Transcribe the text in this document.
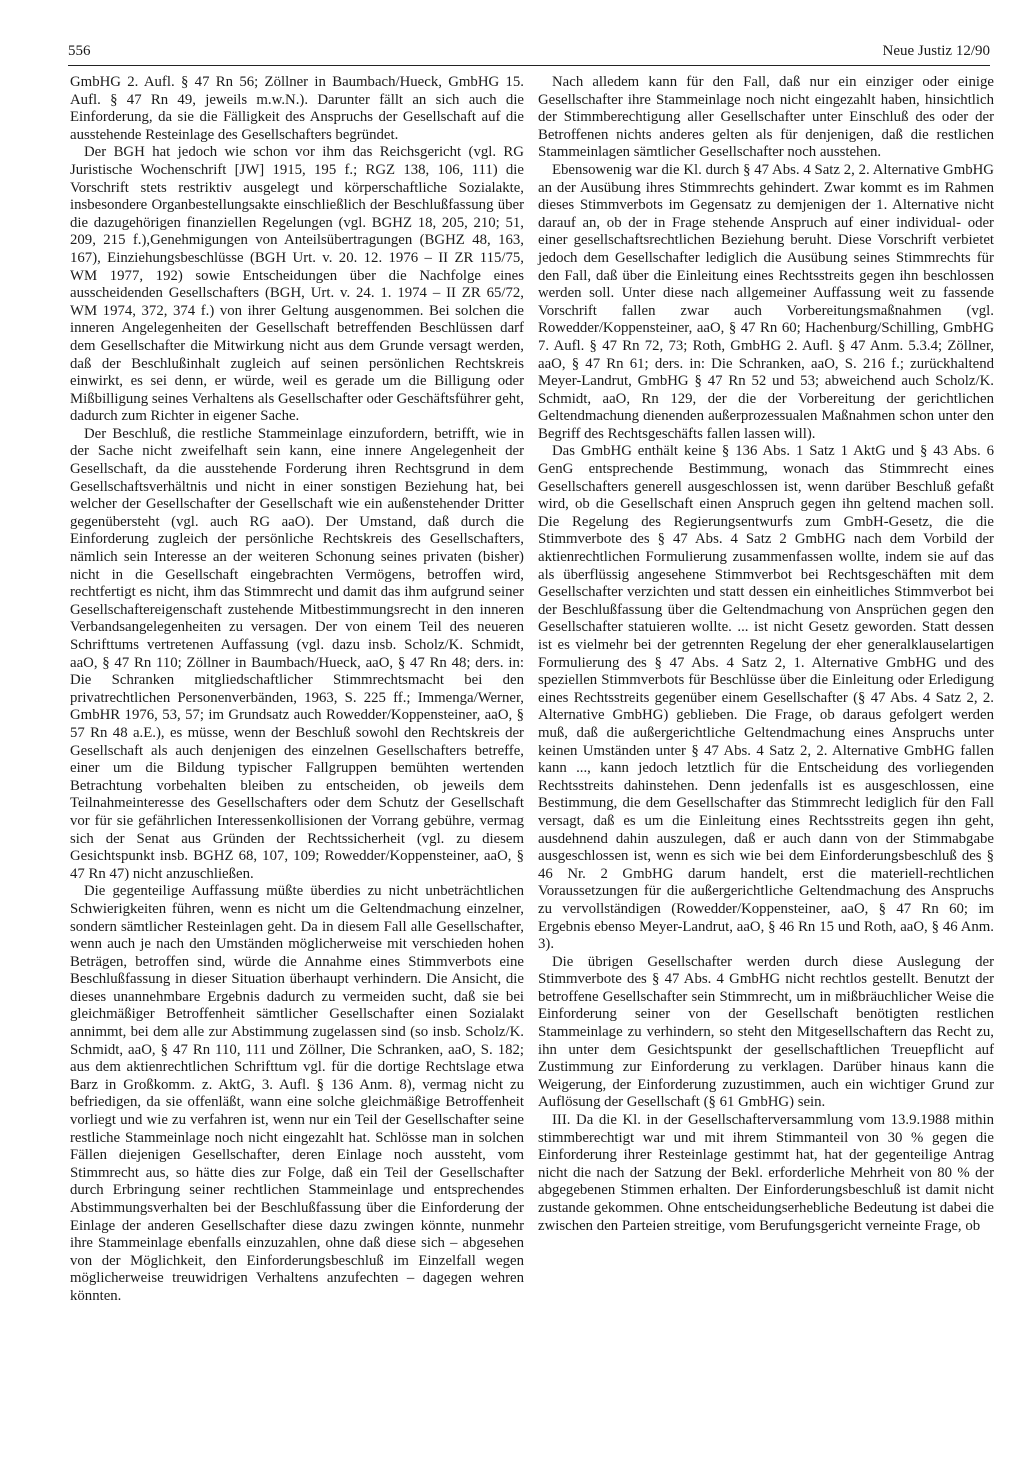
556	Neue Justiz 12/90

GmbHG 2. Aufl. § 47 Rn 56; Zöllner in Baumbach/Hueck, GmbHG 15. Aufl. § 47 Rn 49, jeweils m.w.N.). Darunter fällt an sich auch die Einforderung, da sie die Fälligkeit des Anspruchs der Gesellschaft auf die ausstehende Resteinlage des Gesellschafters begründet.

Der BGH hat jedoch wie schon vor ihm das Reichsgericht (vgl. RG Juristische Wochenschrift [JW] 1915, 195 f.; RGZ 138, 106, 111) die Vorschrift stets restriktiv ausgelegt und körperschaftliche Sozialakte, insbesondere Organbestellungsakte einschließlich der Beschlußfassung über die dazugehörigen finanziellen Regelungen (vgl. BGHZ 18, 205, 210; 51, 209, 215 f.),Genehmigungen von Anteilsübertragungen (BGHZ 48, 163, 167), Einziehungsbeschlüsse (BGH Urt. v. 20. 12. 1976 – II ZR 115/75, WM 1977, 192) sowie Entscheidungen über die Nachfolge eines ausscheidenden Gesellschafters (BGH, Urt. v. 24. 1. 1974 – II ZR 65/72, WM 1974, 372, 374 f.) von ihrer Geltung ausgenommen. Bei solchen die inneren Angelegenheiten der Gesellschaft betreffenden Beschlüssen darf dem Gesellschafter die Mitwirkung nicht aus dem Grunde versagt werden, daß der Beschlußinhalt zugleich auf seinen persönlichen Rechtskreis einwirkt, es sei denn, er würde, weil es gerade um die Billigung oder Mißbilligung seines Verhaltens als Gesellschafter oder Geschäftsführer geht, dadurch zum Richter in eigener Sache.

Der Beschluß, die restliche Stammeinlage einzufordern, betrifft, wie in der Sache nicht zweifelhaft sein kann, eine innere Angelegenheit der Gesellschaft, da die ausstehende Forderung ihren Rechtsgrund in dem Gesellschaftsverhältnis und nicht in einer sonstigen Beziehung hat, bei welcher der Gesellschafter der Gesellschaft wie ein außenstehender Dritter gegenübersteht (vgl. auch RG aaO). Der Umstand, daß durch die Einforderung zugleich der persönliche Rechtskreis des Gesellschafters, nämlich sein Interesse an der weiteren Schonung seines privaten (bisher) nicht in die Gesellschaft eingebrachten Vermögens, betroffen wird, rechtfertigt es nicht, ihm das Stimmrecht und damit das ihm aufgrund seiner Gesellschaftereigenschaft zustehende Mitbestimmungsrecht in den inneren Verbandsangelegenheiten zu versagen. Der von einem Teil des neueren Schrifttums vertretenen Auffassung (vgl. dazu insb. Scholz/K. Schmidt, aaO, § 47 Rn 110; Zöllner in Baumbach/Hueck, aaO, § 47 Rn 48; ders. in: Die Schranken mitgliedschaftlicher Stimmrechtsmacht bei den privatrechtlichen Personenverbänden, 1963, S. 225 ff.; Immenga/Werner, GmbHR 1976, 53, 57; im Grundsatz auch Rowedder/Koppensteiner, aaO, § 57 Rn 48 a.E.), es müsse, wenn der Beschluß sowohl den Rechtskreis der Gesellschaft als auch denjenigen des einzelnen Gesellschafters betreffe, einer um die Bildung typischer Fallgruppen bemühten wertenden Betrachtung vorbehalten bleiben zu entscheiden, ob jeweils dem Teilnahmeinteresse des Gesellschafters oder dem Schutz der Gesellschaft vor für sie gefährlichen Interessenkollisionen der Vorrang gebühre, vermag sich der Senat aus Gründen der Rechtssicherheit (vgl. zu diesem Gesichtspunkt insb. BGHZ 68, 107, 109; Rowedder/Koppensteiner, aaO, § 47 Rn 47) nicht anzuschließen.

Die gegenteilige Auffassung müßte überdies zu nicht unbeträchtlichen Schwierigkeiten führen, wenn es nicht um die Geltendmachung einzelner, sondern sämtlicher Resteinlagen geht. Da in diesem Fall alle Gesellschafter, wenn auch je nach den Umständen möglicherweise mit verschieden hohen Beträgen, betroffen sind, würde die Annahme eines Stimmverbots eine Beschlußfassung in dieser Situation überhaupt verhindern. Die Ansicht, die dieses unannehmbare Ergebnis dadurch zu vermeiden sucht, daß sie bei gleichmäßiger Betroffenheit sämtlicher Gesellschafter einen Sozialakt annimmt, bei dem alle zur Abstimmung zugelassen sind (so insb. Scholz/K. Schmidt, aaO, § 47 Rn 110, 111 und Zöllner, Die Schranken, aaO, S. 182; aus dem aktienrechtlichen Schrifttum vgl. für die dortige Rechtslage etwa Barz in Großkomm. z. AktG, 3. Aufl. § 136 Anm. 8), vermag nicht zu befriedigen, da sie offenläßt, wann eine solche gleichmäßige Betroffenheit vorliegt und wie zu verfahren ist, wenn nur ein Teil der Gesellschafter seine restliche Stammeinlage noch nicht eingezahlt hat. Schlösse man in solchen Fällen diejenigen Gesellschafter, deren Einlage noch aussteht, vom Stimmrecht aus, so hätte dies zur Folge, daß ein Teil der Gesellschafter durch Erbringung seiner rechtlichen Stammeinlage und entsprechendes Abstimmungsverhalten bei der Beschlußfassung über die Einforderung der Einlage der anderen Gesellschafter diese dazu zwingen könnte, nunmehr ihre Stammeinlage ebenfalls einzuzahlen, ohne daß diese sich – abgesehen von der Möglichkeit, den Einforderungsbeschluß im Einzelfall wegen möglicherweise treuwidrigen Verhaltens anzufechten – dagegen wehren könnten.

Nach alledem kann für den Fall, daß nur ein einziger oder einige Gesellschafter ihre Stammeinlage noch nicht eingezahlt haben, hinsichtlich der Stimmberechtigung aller Gesellschafter unter Einschluß des oder der Betroffenen nichts anderes gelten als für denjenigen, daß die restlichen Stammeinlagen sämtlicher Gesellschafter noch ausstehen.

Ebensowenig war die Kl. durch § 47 Abs. 4 Satz 2, 2. Alternative GmbHG an der Ausübung ihres Stimmrechts gehindert. Zwar kommt es im Rahmen dieses Stimmverbots im Gegensatz zu demjenigen der 1. Alternative nicht darauf an, ob der in Frage stehende Anspruch auf einer individual- oder einer gesellschaftsrechtlichen Beziehung beruht. Diese Vorschrift verbietet jedoch dem Gesellschafter lediglich die Ausübung seines Stimmrechts für den Fall, daß über die Einleitung eines Rechtsstreits gegen ihn beschlossen werden soll. Unter diese nach allgemeiner Auffassung weit zu fassende Vorschrift fallen zwar auch Vorbereitungsmaßnahmen (vgl. Rowedder/Koppensteiner, aaO, § 47 Rn 60; Hachenburg/Schilling, GmbHG 7. Aufl. § 47 Rn 72, 73; Roth, GmbHG 2. Aufl. § 47 Anm. 5.3.4; Zöllner, aaO, § 47 Rn 61; ders. in: Die Schranken, aaO, S. 216 f.; zurückhaltend Meyer-Landrut, GmbHG § 47 Rn 52 und 53; abweichend auch Scholz/K. Schmidt, aaO, Rn 129, der die der Vorbereitung der gerichtlichen Geltendmachung dienenden außerprozessualen Maßnahmen schon unter den Begriff des Rechtsgeschäfts fallen lassen will).

Das GmbHG enthält keine § 136 Abs. 1 Satz 1 AktG und § 43 Abs. 6 GenG entsprechende Bestimmung, wonach das Stimmrecht eines Gesellschafters generell ausgeschlossen ist, wenn darüber Beschluß gefaßt wird, ob die Gesellschaft einen Anspruch gegen ihn geltend machen soll. Die Regelung des Regierungsentwurfs zum GmbH-Gesetz, die die Stimmverbote des § 47 Abs. 4 Satz 2 GmbHG nach dem Vorbild der aktienrechtlichen Formulierung zusammenfassen wollte, indem sie auf das als überflüssig angesehene Stimmverbot bei Rechtsgeschäften mit dem Gesellschafter verzichten und statt dessen ein einheitliches Stimmverbot bei der Beschlußfassung über die Geltendmachung von Ansprüchen gegen den Gesellschafter statuieren wollte. ... ist nicht Gesetz geworden. Statt dessen ist es vielmehr bei der getrennten Regelung der eher generalklauselartigen Formulierung des § 47 Abs. 4 Satz 2, 1. Alternative GmbHG und des speziellen Stimmverbots für Beschlüsse über die Einleitung oder Erledigung eines Rechtsstreits gegenüber einem Gesellschafter (§ 47 Abs. 4 Satz 2, 2. Alternative GmbHG) geblieben. Die Frage, ob daraus gefolgert werden muß, daß die außergerichtliche Geltendmachung eines Anspruchs unter keinen Umständen unter § 47 Abs. 4 Satz 2, 2. Alternative GmbHG fallen kann ..., kann jedoch letztlich für die Entscheidung des vorliegenden Rechtsstreits dahinstehen. Denn jedenfalls ist es ausgeschlossen, eine Bestimmung, die dem Gesellschafter das Stimmrecht lediglich für den Fall versagt, daß es um die Einleitung eines Rechtsstreits gegen ihn geht, ausdehnend dahin auszulegen, daß er auch dann von der Stimmabgabe ausgeschlossen ist, wenn es sich wie bei dem Einforderungsbeschluß des § 46 Nr. 2 GmbHG darum handelt, erst die materiell-rechtlichen Voraussetzungen für die außergerichtliche Geltendmachung des Anspruchs zu vervollständigen (Rowedder/Koppensteiner, aaO, § 47 Rn 60; im Ergebnis ebenso Meyer-Landrut, aaO, § 46 Rn 15 und Roth, aaO, § 46 Anm. 3).

Die übrigen Gesellschafter werden durch diese Auslegung der Stimmverbote des § 47 Abs. 4 GmbHG nicht rechtlos gestellt. Benutzt der betroffene Gesellschafter sein Stimmrecht, um in mißbräuchlicher Weise die Einforderung seiner von der Gesellschaft benötigten restlichen Stammeinlage zu verhindern, so steht den Mitgesellschaftern das Recht zu, ihn unter dem Gesichtspunkt der gesellschaftlichen Treuepflicht auf Zustimmung zur Einforderung zu verklagen. Darüber hinaus kann die Weigerung, der Einforderung zuzustimmen, auch ein wichtiger Grund zur Auflösung der Gesellschaft (§ 61 GmbHG) sein.

III. Da die Kl. in der Gesellschafterversammlung vom 13.9.1988 mithin stimmberechtigt war und mit ihrem Stimmanteil von 30 % gegen die Einforderung ihrer Resteinlage gestimmt hat, hat der gegenteilige Antrag nicht die nach der Satzung der Bekl. erforderliche Mehrheit von 80 % der abgegebenen Stimmen erhalten. Der Einforderungsbeschluß ist damit nicht zustande gekommen. Ohne entscheidungserhebliche Bedeutung ist dabei die zwischen den Parteien streitige, vom Berufungsgericht verneinte Frage, ob
